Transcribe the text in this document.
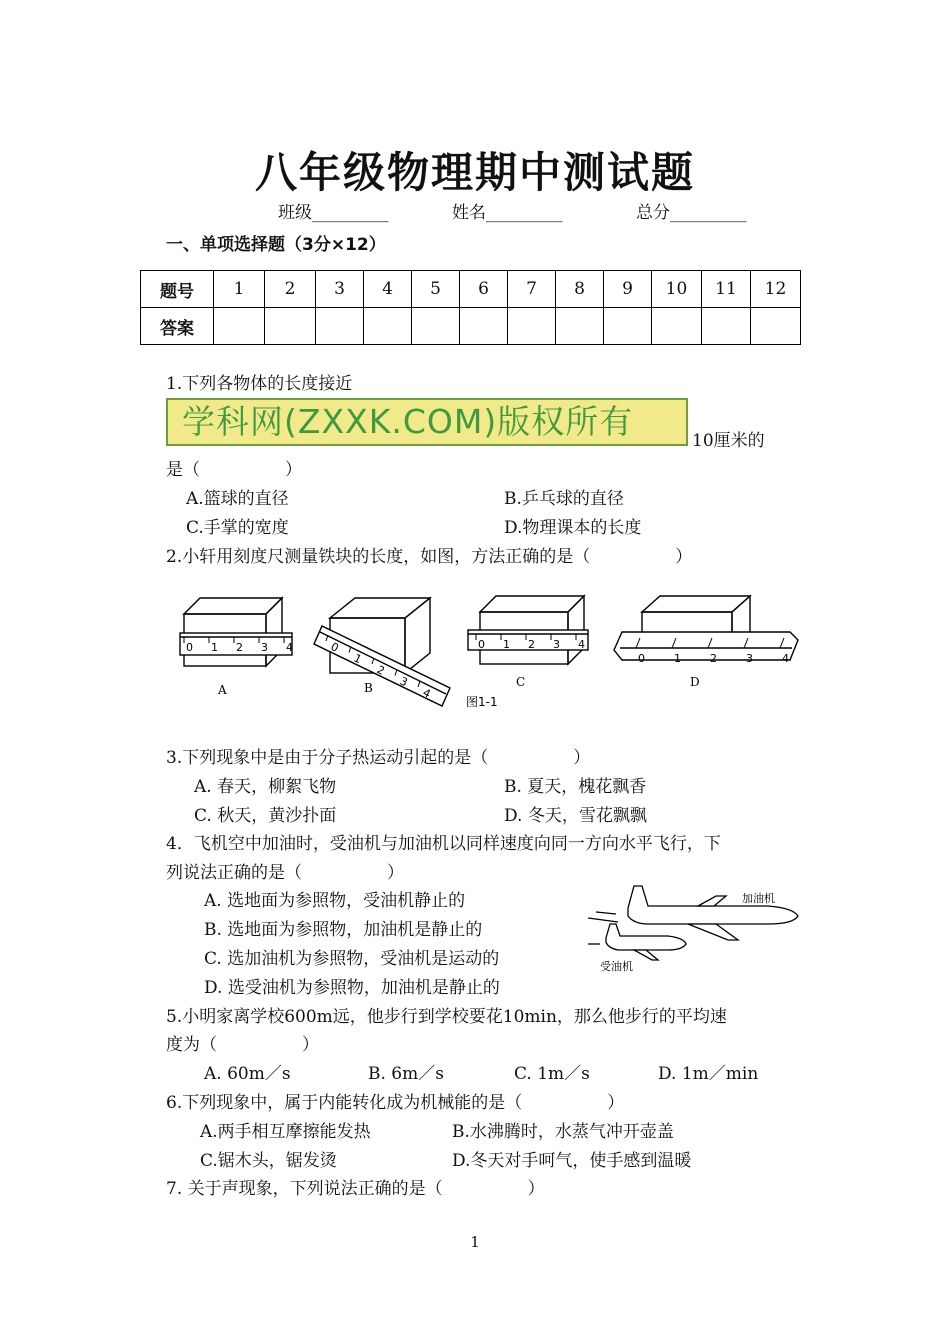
八年级物理期中测试题
班级_________	姓名_________	总分_________
一、单项选择题（3分×12）
题号	1	2	3	4	5	6	7	8	9	10	11	12
答案												
1.下列各物体的长度接近
学科网(ZXXK.COM)版权所有	10厘米的
是（　　　　　）
A.篮球的直径	B.乒乓球的直径
C.手掌的宽度	D.物理课本的长度
2.小轩用刻度尺测量铁块的长度，如图，方法正确的是（　　　　　）
0 1 2 3 4	0
1
2
3
4
0 1 2 3 4
0	1	2	3	4
A	B	C	D
图1-1
3.下列现象中是由于分子热运动引起的是（　　　　　）
A. 春天，柳絮飞物	B. 夏天，槐花飘香
C. 秋天，黄沙扑面	D. 冬天，雪花飘飘
4．飞机空中加油时，受油机与加油机以同样速度向同一方向水平飞行，下
列说法正确的是（　　　　　）
A. 选地面为参照物，受油机静止的
B. 选地面为参照物，加油机是静止的
C. 选加油机为参照物，受油机是运动的
D. 选受油机为参照物，加油机是静止的
加油机
受油机
5.小明家离学校600m远，他步行到学校要花10min，那么他步行的平均速
度为（　　　　　）
A. 60m／s	B. 6m／s	C. 1m／s	D. 1m／min
6.下列现象中，属于内能转化成为机械能的是（　　　　　）
A.两手相互摩擦能发热	B.水沸腾时，水蒸气冲开壶盖
C.锯木头，锯发烫	D.冬天对手呵气，使手感到温暖
7. 关于声现象，下列说法正确的是（　　　　　）
1
